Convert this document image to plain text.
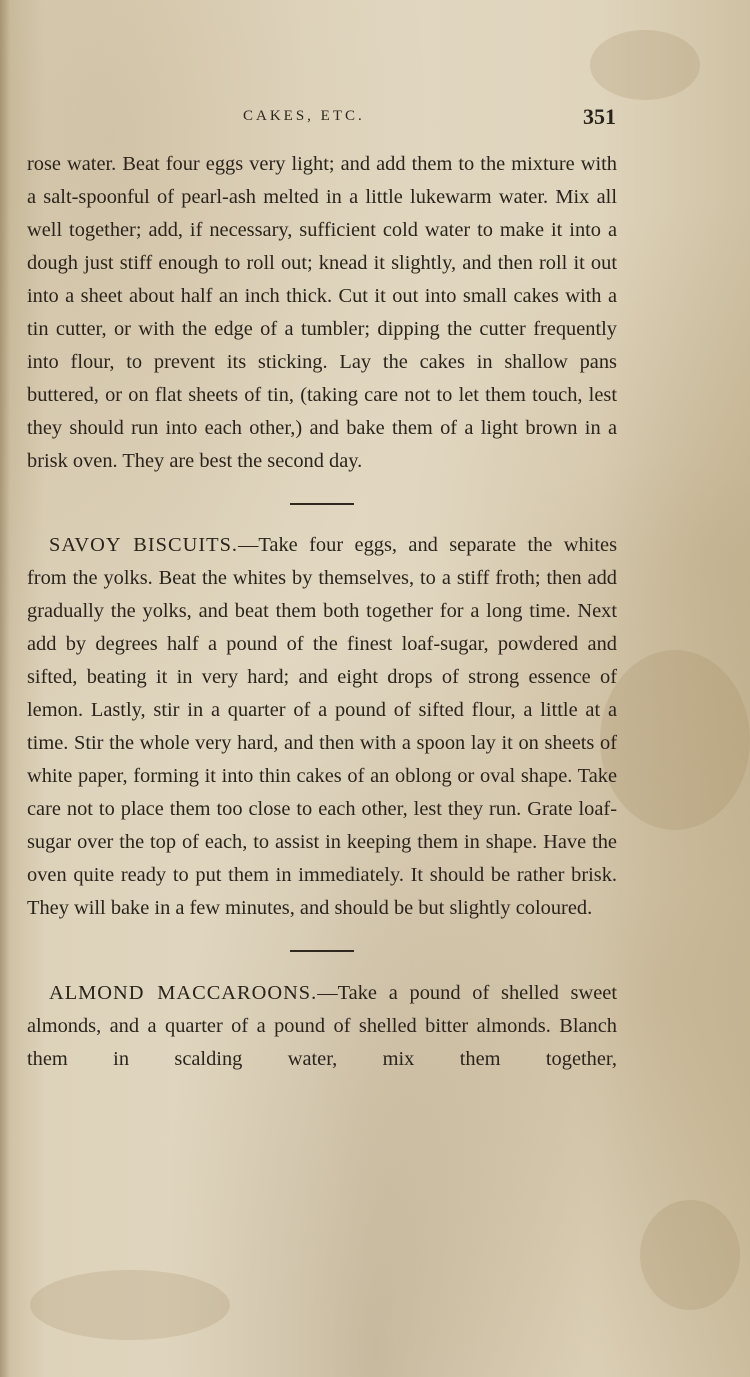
CAKES, ETC.	351

rose water. Beat four eggs very light; and add them to the mixture with a salt-spoonful of pearl-ash melted in a little lukewarm water. Mix all well together; add, if necessary, sufficient cold water to make it into a dough just stiff enough to roll out; knead it slightly, and then roll it out into a sheet about half an inch thick. Cut it out into small cakes with a tin cutter, or with the edge of a tumbler; dipping the cutter frequently into flour, to prevent its sticking. Lay the cakes in shallow pans buttered, or on flat sheets of tin, (taking care not to let them touch, lest they should run into each other,) and bake them of a light brown in a brisk oven. They are best the second day.

SAVOY BISCUITS.—Take four eggs, and separate the whites from the yolks. Beat the whites by themselves, to a stiff froth; then add gradually the yolks, and beat them both together for a long time. Next add by degrees half a pound of the finest loaf-sugar, powdered and sifted, beating it in very hard; and eight drops of strong essence of lemon. Lastly, stir in a quarter of a pound of sifted flour, a little at a time. Stir the whole very hard, and then with a spoon lay it on sheets of white paper, forming it into thin cakes of an oblong or oval shape. Take care not to place them too close to each other, lest they run. Grate loaf-sugar over the top of each, to assist in keeping them in shape. Have the oven quite ready to put them in immediately. It should be rather brisk. They will bake in a few minutes, and should be but slightly coloured.

ALMOND MACCAROONS.—Take a pound of shelled sweet almonds, and a quarter of a pound of shelled bitter almonds. Blanch them in scalding water, mix them together,
